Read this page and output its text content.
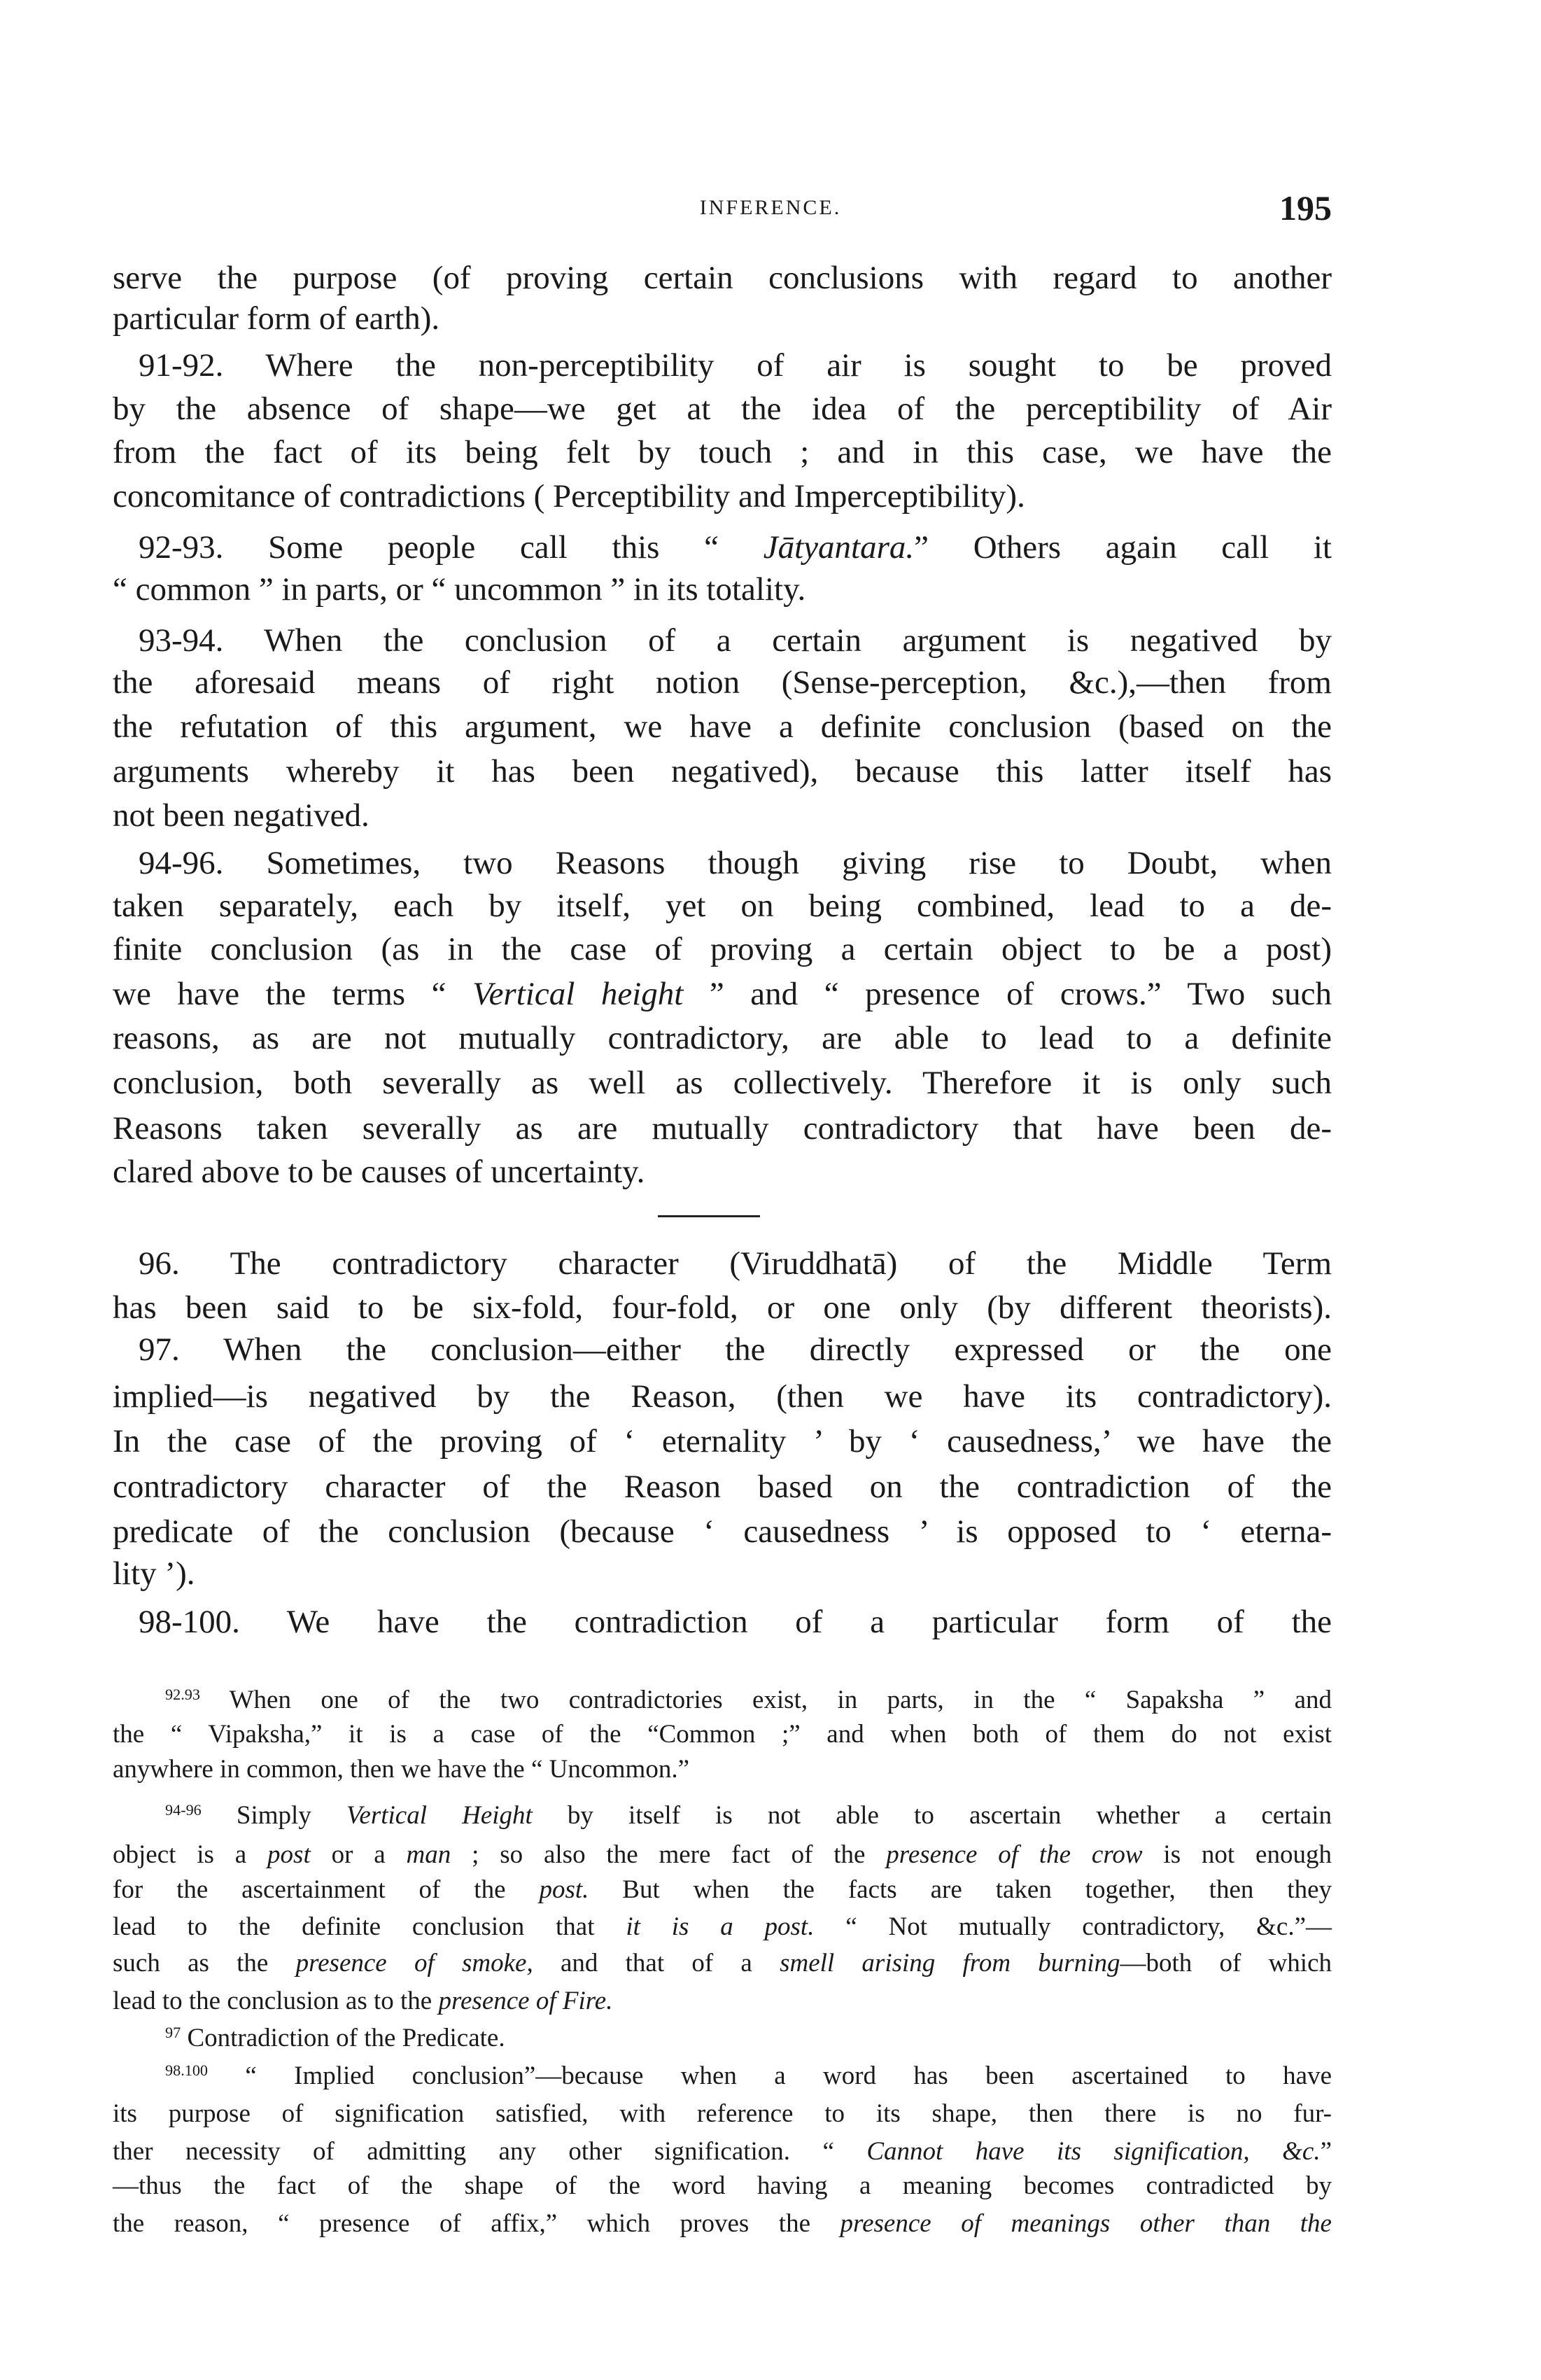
INFERENCE.	195
serve the purpose (of proving certain conclusions with regard to another
particular form of earth).
91-92. Where the non-perceptibility of air is sought to be proved
by the absence of shape—we get at the idea of the perceptibility of Air
from the fact of its being felt by touch ; and in this case, we have the
concomitance of contradictions ( Perceptibility and Imperceptibility).
92-93. Some people call this “ Jātyantara.” Others again call it
“ common ” in parts, or “ uncommon ” in its totality.
93-94. When the conclusion of a certain argument is negatived by
the aforesaid means of right notion (Sense-perception, &c.),—then from
the refutation of this argument, we have a definite conclusion (based on the
arguments whereby it has been negatived), because this latter itself has
not been negatived.
94-96. Sometimes, two Reasons though giving rise to Doubt, when
taken separately, each by itself, yet on being combined, lead to a de-
finite conclusion (as in the case of proving a certain object to be a post)
we have the terms “ Vertical height ” and “ presence of crows.” Two such
reasons, as are not mutually contradictory, are able to lead to a definite
conclusion, both severally as well as collectively. Therefore it is only such
Reasons taken severally as are mutually contradictory that have been de-
clared above to be causes of uncertainty.
96. The contradictory character (Viruddhatā) of the Middle Term
has been said to be six-fold, four-fold, or one only (by different theorists).
97. When the conclusion—either the directly expressed or the one
implied—is negatived by the Reason, (then we have its contradictory).
In the case of the proving of ‘ eternality ’ by ‘ causedness,’ we have the
contradictory character of the Reason based on the contradiction of the
predicate of the conclusion (because ‘ causedness ’ is opposed to ‘ eterna-
lity ’).
98-100. We have the contradiction of a particular form of the
$^{92.93}$ When one of the two contradictories exist, in parts, in the “ Sapaksha ” and
the “ Vipaksha,” it is a case of the “Common ;” and when both of them do not exist
anywhere in common, then we have the “ Uncommon.”
$^{94-96}$ Simply Vertical Height by itself is not able to ascertain whether a certain
object is a post or a man ; so also the mere fact of the presence of the crow is not enough
for the ascertainment of the post. But when the facts are taken together, then they
lead to the definite conclusion that it is a post. “ Not mutually contradictory, &c.”—
such as the presence of smoke, and that of a smell arising from burning—both of which
lead to the conclusion as to the presence of Fire.
$^{97}$ Contradiction of the Predicate.
$^{98.100}$ “ Implied conclusion”—because when a word has been ascertained to have
its purpose of signification satisfied, with reference to its shape, then there is no fur-
ther necessity of admitting any other signification. “ Cannot have its signification, &c.”
—thus the fact of the shape of the word having a meaning becomes contradicted by
the reason, “ presence of affix,” which proves the presence of meanings other than the
